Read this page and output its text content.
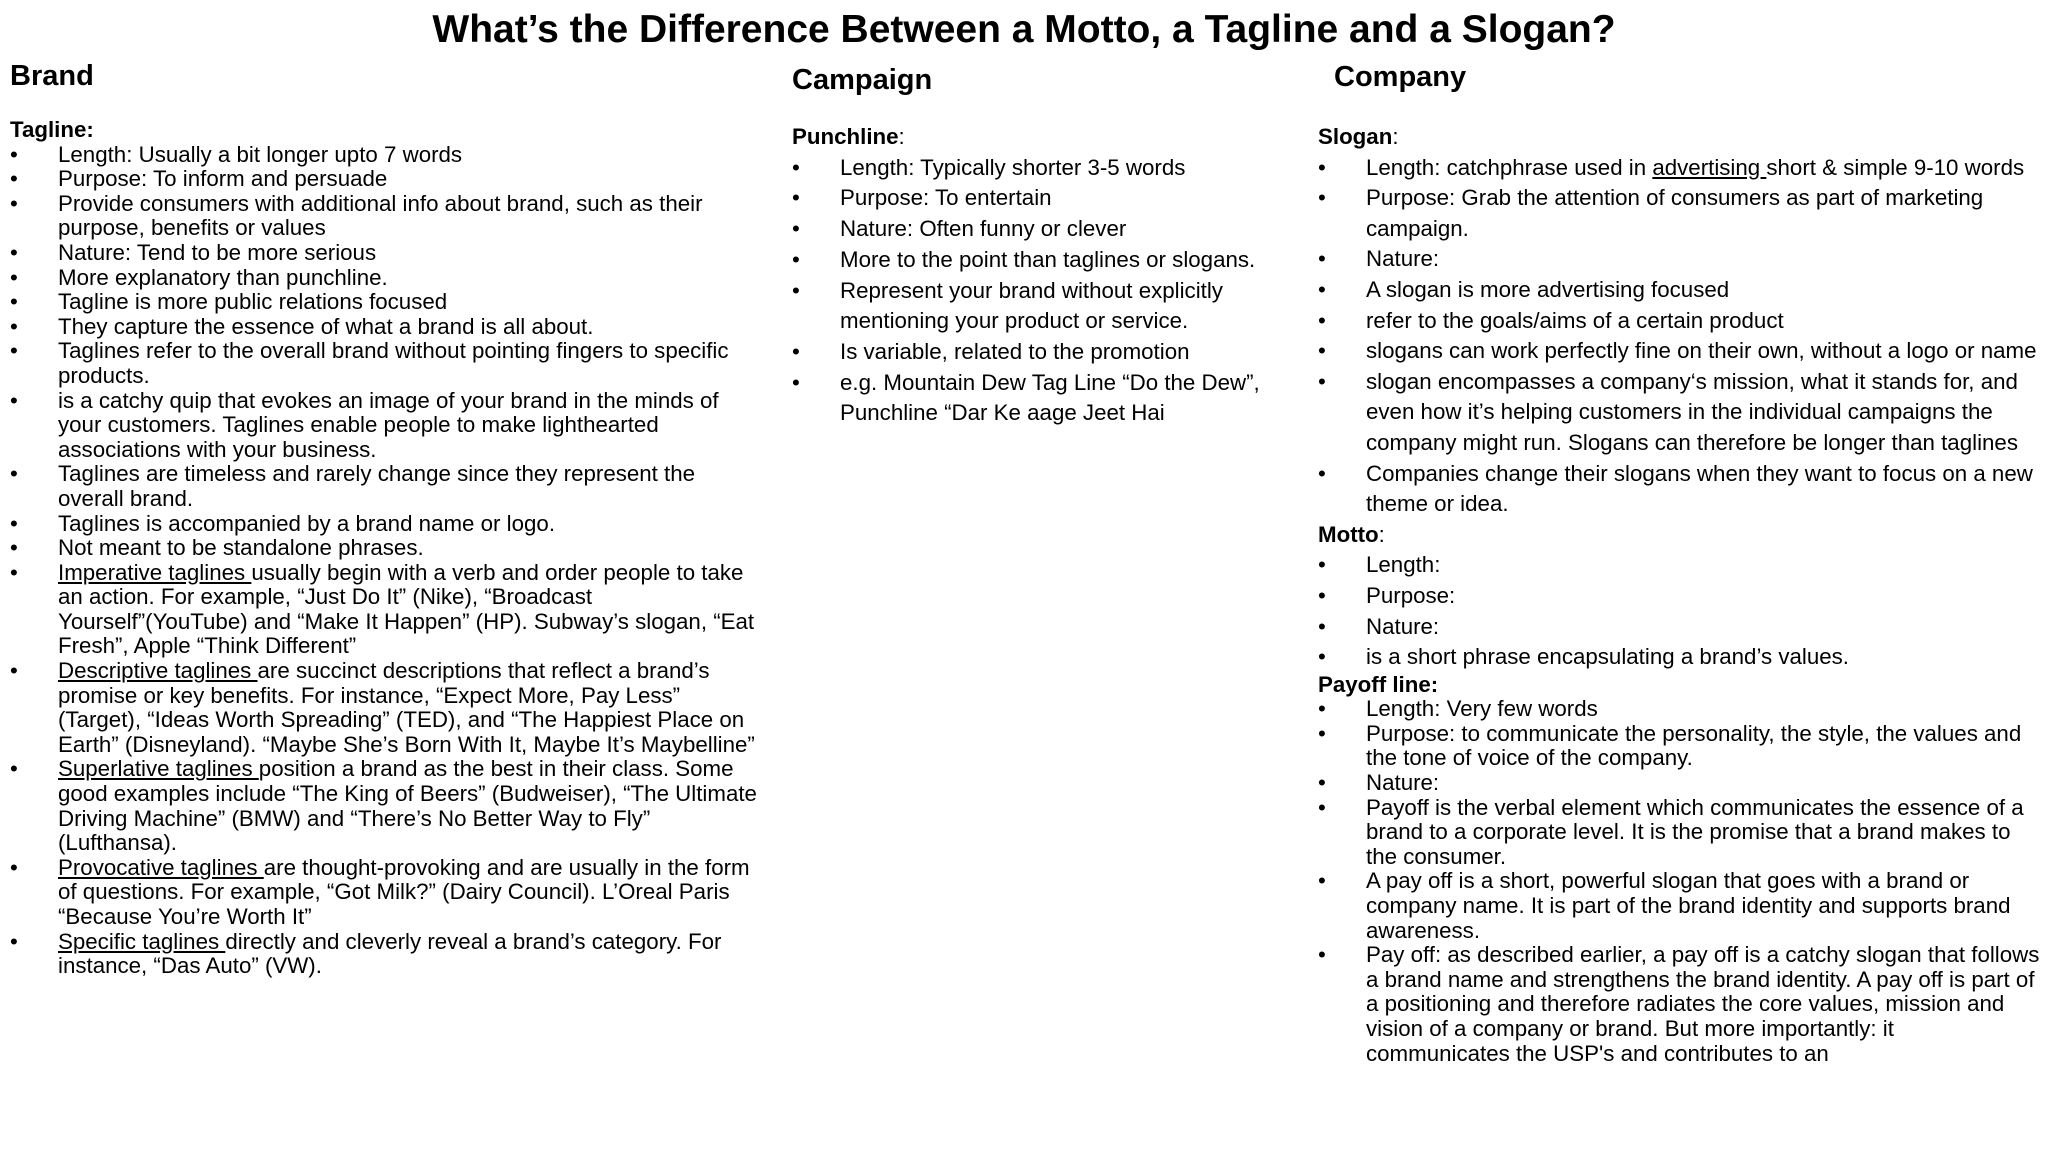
What’s the Difference Between a Motto, a Tagline and a Slogan?
Brand

Tagline:

• Length: Usually a bit longer upto 7 words
• Purpose: To inform and persuade
• Provide consumers with additional info about brand, such as their purpose, benefits or values
• Nature: Tend to be more serious
• More explanatory than punchline.
• Tagline is more public relations focused
• They capture the essence of what a brand is all about.
• Taglines refer to the overall brand without pointing fingers to specific products.
• is a catchy quip that evokes an image of your brand in the minds of your customers. Taglines enable people to make lighthearted associations with your business.
• Taglines are timeless and rarely change since they represent the overall brand.
• Taglines is accompanied by a brand name or logo.
• Not meant to be standalone phrases.
• Imperative taglines usually begin with a verb and order people to take an action. For example, “Just Do It” (Nike), “Broadcast Yourself”(YouTube) and “Make It Happen” (HP). Subway’s slogan, “Eat Fresh”, Apple “Think Different”
• Descriptive taglines are succinct descriptions that reflect a brand’s promise or key benefits. For instance, “Expect More, Pay Less” (Target), “Ideas Worth Spreading” (TED), and “The Happiest Place on Earth” (Disneyland). “Maybe She’s Born With It, Maybe It’s Maybelline”
• Superlative taglines position a brand as the best in their class. Some good examples include “The King of Beers” (Budweiser), “The Ultimate Driving Machine” (BMW) and “There’s No Better Way to Fly” (Lufthansa).
• Provocative taglines are thought-provoking and are usually in the form of questions. For example, “Got Milk?” (Dairy Council). L’Oreal Paris “Because You’re Worth It”
• Specific taglines directly and cleverly reveal a brand’s category. For instance, “Das Auto” (VW).
Campaign

Punchline:

• Length: Typically shorter 3-5 words
• Purpose: To entertain
• Nature: Often funny or clever
• More to the point than taglines or slogans.
• Represent your brand without explicitly mentioning your product or service.
• Is variable, related to the promotion
• e.g. Mountain Dew Tag Line “Do the Dew”, Punchline “Dar Ke aage Jeet Hai
Company

Slogan:

• Length: catchphrase used in advertising short & simple 9-10 words
• Purpose: Grab the attention of consumers as part of marketing campaign.
• Nature:
• A slogan is more advertising focused
• refer to the goals/aims of a certain product
• slogans can work perfectly fine on their own, without a logo or name
• slogan encompasses a company‘s mission, what it stands for, and even how it’s helping customers in the individual campaigns the company might run. Slogans can therefore be longer than taglines
• Companies change their slogans when they want to focus on a new theme or idea.

Motto:

• Length:
• Purpose:
• Nature:
• is a short phrase encapsulating a brand’s values.

Payoff line:

• Length: Very few words
• Purpose: to communicate the personality, the style, the values and the tone of voice of the company.
• Nature:
• Payoff is the verbal element which communicates the essence of a brand to a corporate level. It is the promise that a brand makes to the consumer.
• A pay off is a short, powerful slogan that goes with a brand or company name. It is part of the brand identity and supports brand awareness.
• Pay off: as described earlier, a pay off is a catchy slogan that follows a brand name and strengthens the brand identity. A pay off is part of a positioning and therefore radiates the core values, mission and vision of a company or brand. But more importantly: it communicates the USP's and contributes to an
